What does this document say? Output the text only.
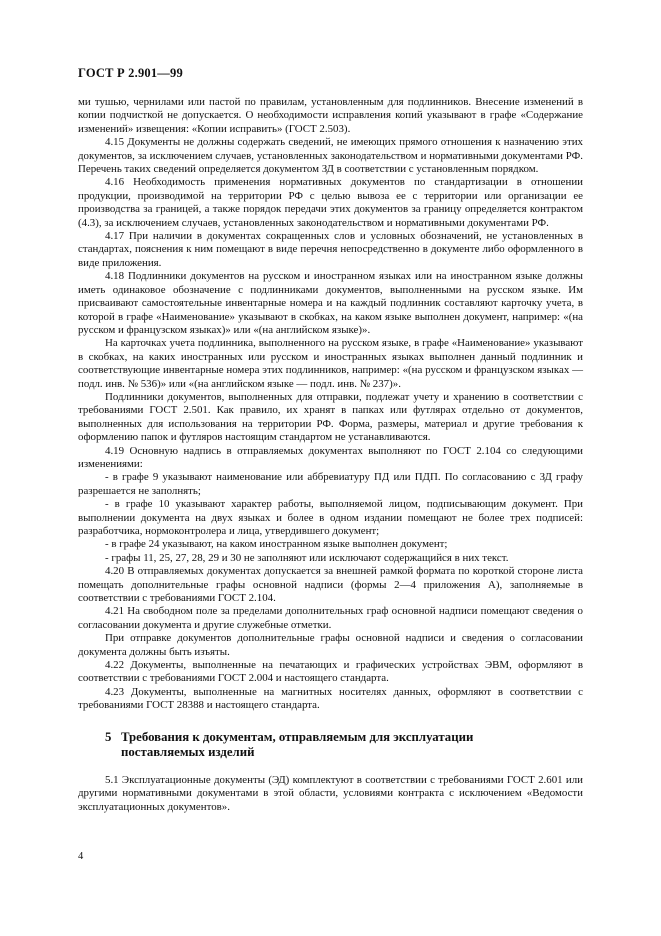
ГОСТ Р 2.901—99

ми тушью, чернилами или пастой по правилам, установленным для подлинников. Внесение изменений в копии подчисткой не допускается. О необходимости исправления копий указывают в графе «Содержание изменений» извещения: «Копии исправить» (ГОСТ 2.503).

4.15 Документы не должны содержать сведений, не имеющих прямого отношения к назначению этих документов, за исключением случаев, установленных законодательством и нормативными документами РФ. Перечень таких сведений определяется документом ЗД в соответствии с установленным порядком.

4.16 Необходимость применения нормативных документов по стандартизации в отношении продукции, производимой на территории РФ с целью вывоза ее с территории или организации ее производства за границей, а также порядок передачи этих документов за границу определяется контрактом (4.3), за исключением случаев, установленных законодательством и нормативными документами РФ.

4.17 При наличии в документах сокращенных слов и условных обозначений, не установленных в стандартах, пояснения к ним помещают в виде перечня непосредственно в документе либо оформленного в виде приложения.

4.18 Подлинники документов на русском и иностранном языках или на иностранном языке должны иметь одинаковое обозначение с подлинниками документов, выполненными на русском языке. Им присваивают самостоятельные инвентарные номера и на каждый подлинник составляют карточку учета, в которой в графе «Наименование» указывают в скобках, на каком языке выполнен документ, например: «(на русском и французском языках)» или «(на английском языке)».

На карточках учета подлинника, выполненного на русском языке, в графе «Наименование» указывают в скобках, на каких иностранных или русском и иностранных языках выполнен данный подлинник и соответствующие инвентарные номера этих подлинников, например: «(на русском и французском языках — подл. инв. № 536)» или «(на английском языке — подл. инв. № 237)».

Подлинники документов, выполненных для отправки, подлежат учету и хранению в соответствии с требованиями ГОСТ 2.501. Как правило, их хранят в папках или футлярах отдельно от документов, выполненных для использования на территории РФ. Форма, размеры, материал и другие требования к оформлению папок и футляров настоящим стандартом не устанавливаются.

4.19 Основную надпись в отправляемых документах выполняют по ГОСТ 2.104 со следующими изменениями:

- в графе 9 указывают наименование или аббревиатуру ПД или ПДП. По согласованию с ЗД графу разрешается не заполнять;

- в графе 10 указывают характер работы, выполняемой лицом, подписывающим документ. При выполнении документа на двух языках и более в одном издании помещают не более трех подписей: разработчика, нормоконтролера и лица, утвердившего документ;

- в графе 24 указывают, на каком иностранном языке выполнен документ;

- графы 11, 25, 27, 28, 29 и 30 не заполняют или исключают содержащийся в них текст.

4.20 В отправляемых документах допускается за внешней рамкой формата по короткой стороне листа помещать дополнительные графы основной надписи (формы 2—4 приложения А), заполняемые в соответствии с требованиями ГОСТ 2.104.

4.21 На свободном поле за пределами дополнительных граф основной надписи помещают сведения о согласовании документа и другие служебные отметки.

При отправке документов дополнительные графы основной надписи и сведения о согласовании документа должны быть изъяты.

4.22 Документы, выполненные на печатающих и графических устройствах ЭВМ, оформляют в соответствии с требованиями ГОСТ 2.004 и настоящего стандарта.

4.23 Документы, выполненные на магнитных носителях данных, оформляют в соответствии с требованиями ГОСТ 28388 и настоящего стандарта.

5 Требования к документам, отправляемым для эксплуатации
поставляемых изделий

5.1 Эксплуатационные документы (ЭД) комплектуют в соответствии с требованиями ГОСТ 2.601 или другими нормативными документами в этой области, условиями контракта с исключением «Ведомости эксплуатационных документов».

4
